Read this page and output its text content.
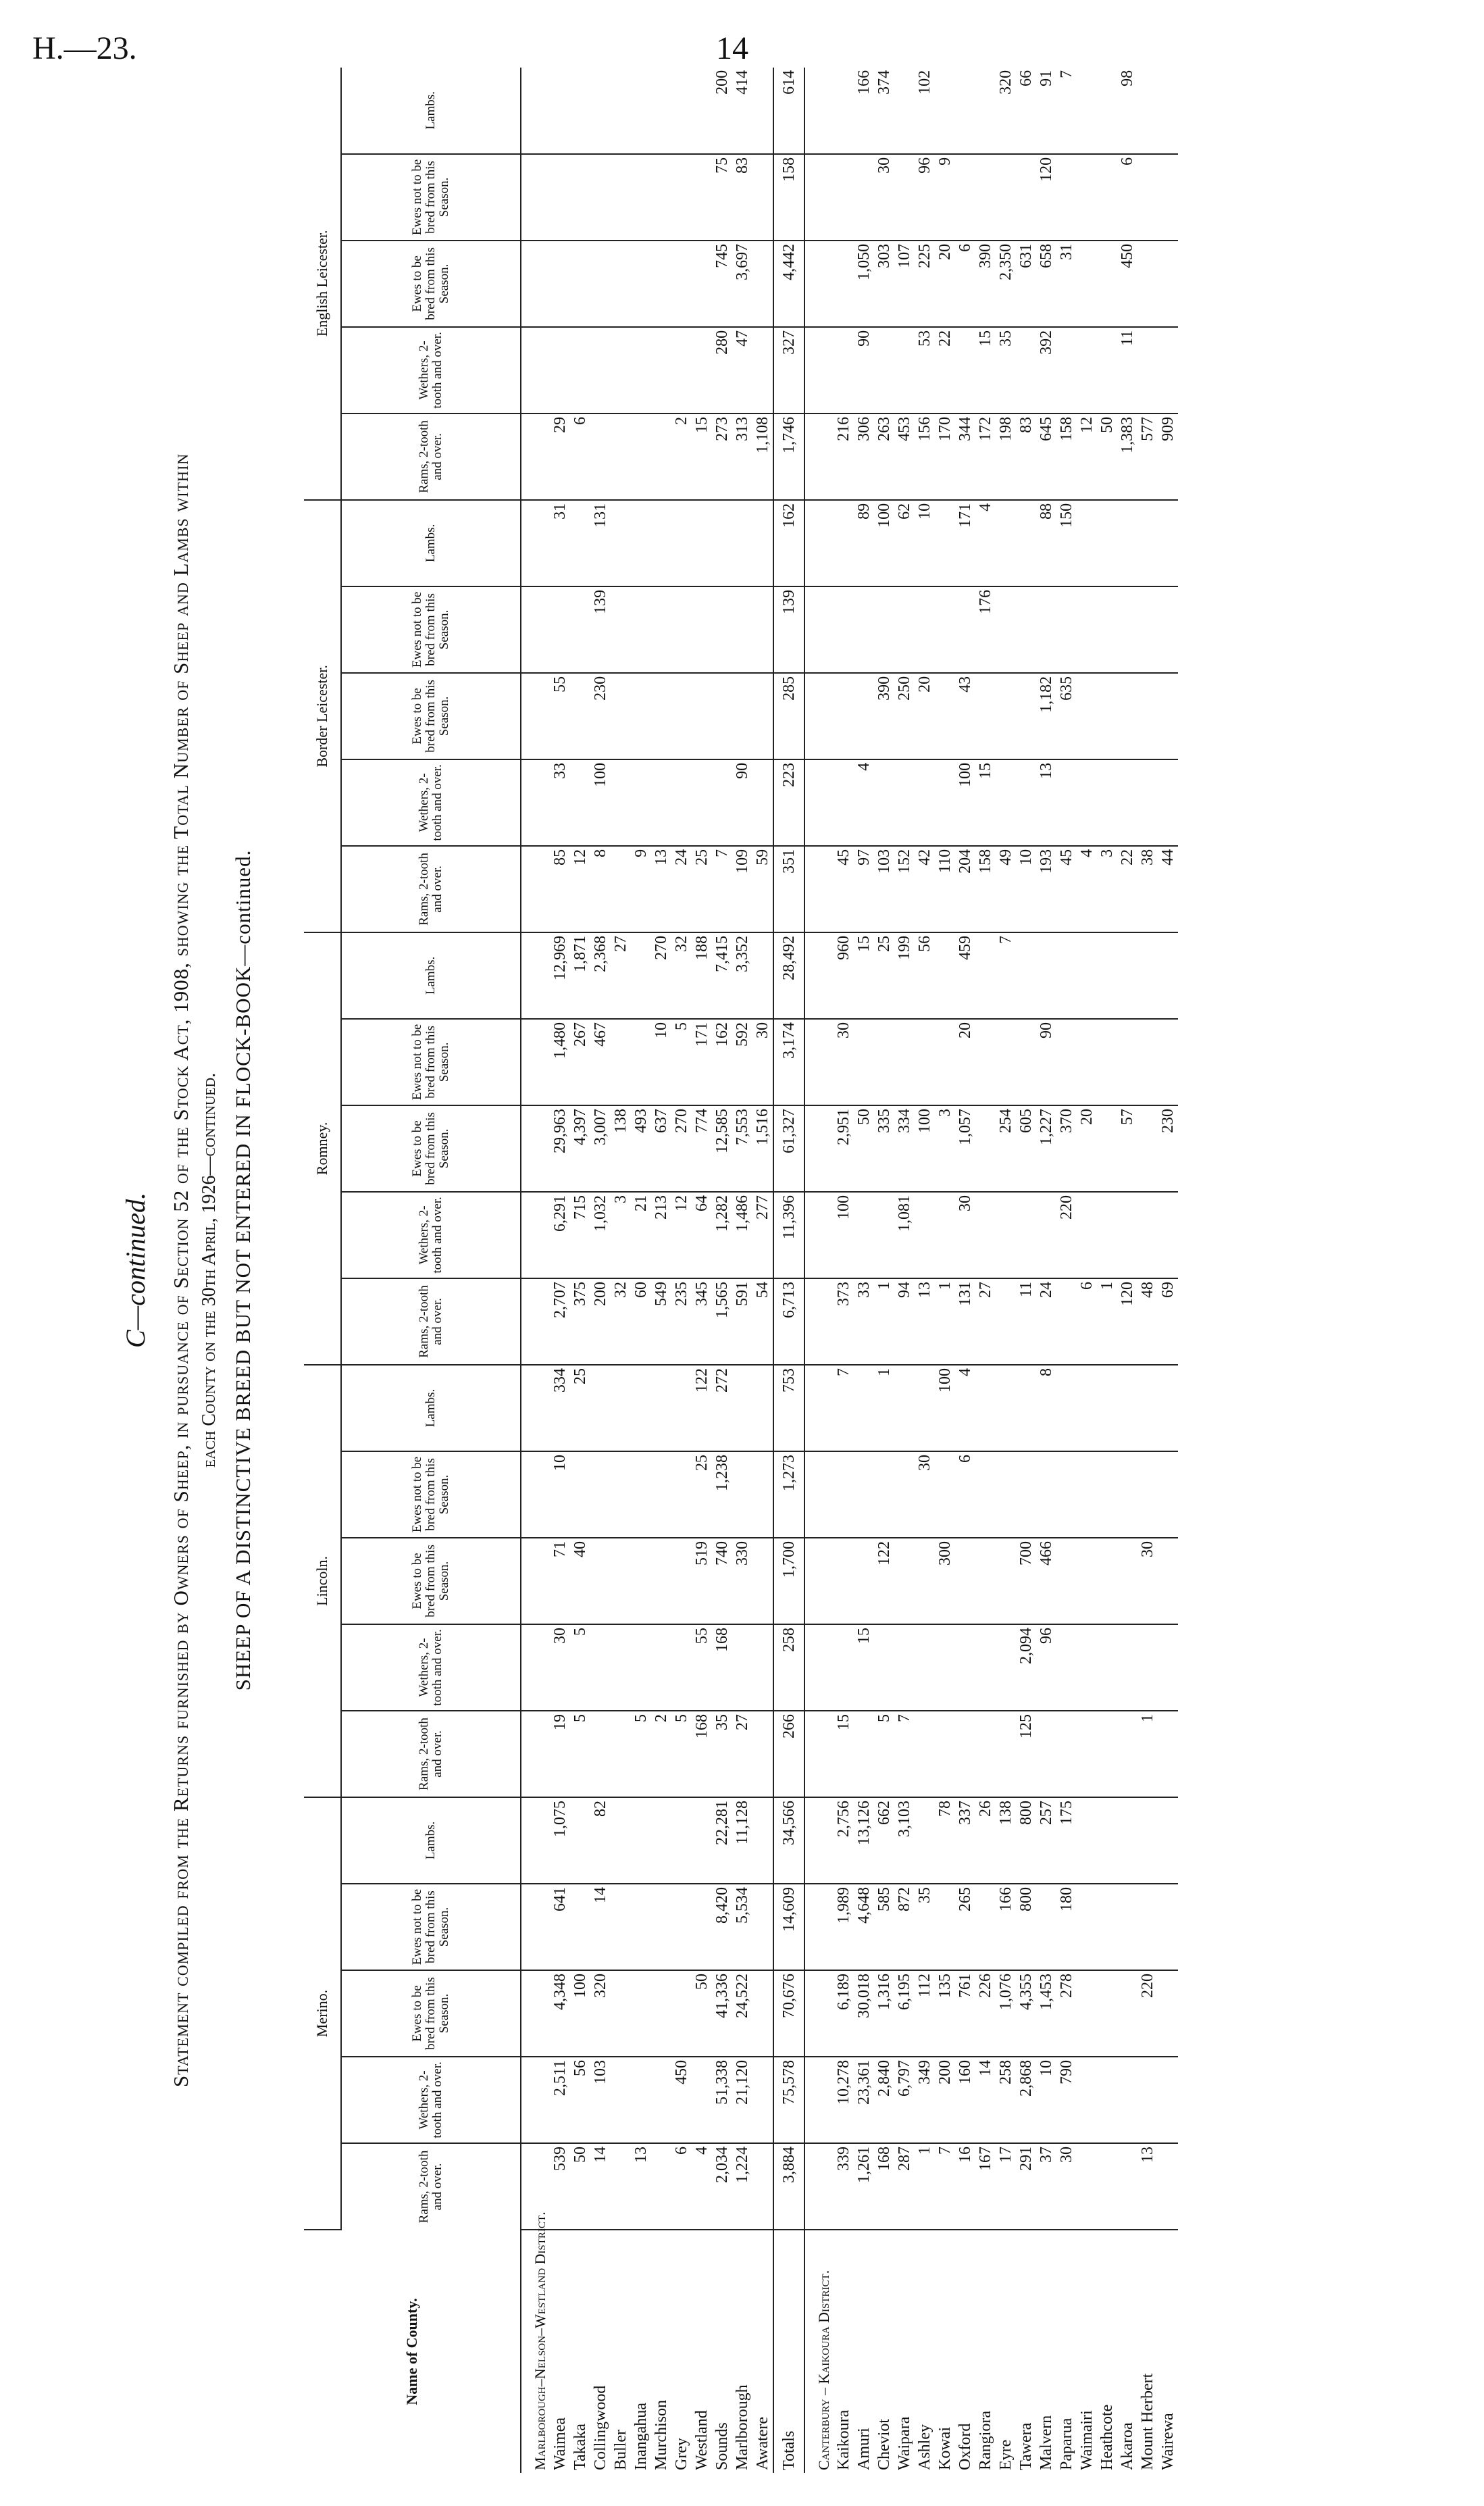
H.—23.	14
C—continued. Statement compiled from the Returns furnished by Owners of Sheep, in pursuance of Section 52 of the Stock Act, 1908, showing the Total Number of Sheep and Lambs within each County on the 30th April, 1926—continued. SHEEP OF A DISTINCTIVE BREED BUT NOT ENTERED IN FLOCK-BOOK—continued.
Name of County.	Merino.					Lincoln.					Romney.					Border Leicester.					English Leicester.				
	Rams, 2-tooth and over.	Wethers, 2-tooth and over.	Ewes to be bred from this Season.	Ewes not to be bred from this Season.	Lambs.	Rams, 2-tooth and over.	Wethers, 2-tooth and over.	Ewes to be bred from this Season.	Ewes not to be bred from this Season.	Lambs.	Rams, 2-tooth and over.	Wethers, 2-tooth and over.	Ewes to be bred from this Season.	Ewes not to be bred from this Season.	Lambs.	Rams, 2-tooth and over.	Wethers, 2-tooth and over.	Ewes to be bred from this Season.	Ewes not to be bred from this Season.	Lambs.	Rams, 2-tooth and over.	Wethers, 2-tooth and over.	Ewes to be bred from this Season.	Ewes not to be bred from this Season.	Lambs.
Marlborough–Nelson–Westland District.																									
Waimea	539	2,511	4,348	641	1,075	19	30	71	10	334	2,707	6,291	29,963	1,480	12,969	85	33	55		31	29				
Takaka	50	56	100			5	5	40		25	375	715	4,397	267	1,871	12					6				
Collingwood	14	103	320	14	82						200	1,032	3,007	467	2,368	8	100	230	139	131					
Buller											32	3	138		27										
Inangahua	13					5					60	21	493			9									
Murchison						2					549	213	637	10	270	13									
Grey	6	450				5					235	12	270	5	32	24					2				
Westland	4		50			168	55	519	25	122	345	64	774	171	188	25					15				
Sounds	2,034	51,338	41,336	8,420	22,281	35	168	740	1,238	272	1,565	1,282	12,585	162	7,415	7					273	280	745	75	200
Marlborough	1,224	21,120	24,522	5,534	11,128	27		330			591	1,486	7,553	592	3,352	109	90				313	47	3,697	83	414
Awatere											54	277	1,516	30		59					1,108				
Totals	3,884	75,578	70,676	14,609	34,566	266	258	1,700	1,273	753	6,713	11,396	61,327	3,174	28,492	351	223	285	139	162	1,746	327	4,442	158	614
Canterbury – Kaikoura District.																									
Kaikoura	339	10,278	6,189	1,989	2,756	15				7	373	100	2,951	30	960	45					216				
Amuri	1,261	23,361	30,018	4,648	13,126		15				33		50		15	97	4			89	306	90	1,050		166
Cheviot	168	2,840	1,316	585	662	5		122		1	1		335		25	103		390		100	263		303	30	374
Waipara	287	6,797	6,195	872	3,103	7					94	1,081	334		199	152		250		62	453		107		
Ashley	1	349	112	35					30		13		100		56	42		20		10	156	53	225	96	102
Kowai	7	200	135		78			300		100	1		3			110					170	22	20	9	
Oxford	16	160	761	265	337				6	4	131	30	1,057	20	459	204	100	43		171	344		6		
Rangiora	167	14	226		26						27					158	15		176	4	172	15	390		
Eyre	17	258	1,076	166	138								254		7	49					198	35	2,350		320
Tawera	291	2,868	4,355	800	800	125	2,094	700			11		605			10					83		631		66
Malvern	37	10	1,453		257		96	466		8	24		1,227	90		193	13	1,182		88	645	392	658	120	91
Paparua	30	790	278	180	175							220	370			45		635		150	158		31		7
Waimairi											6		20			4					12				
Heathcote											1					3					50				
Akaroa											120		57			22					1,383	11	450	6	98
Mount Herbert	13		220			1		30			48					38					577				
Wairewa											69		230			44					909				
